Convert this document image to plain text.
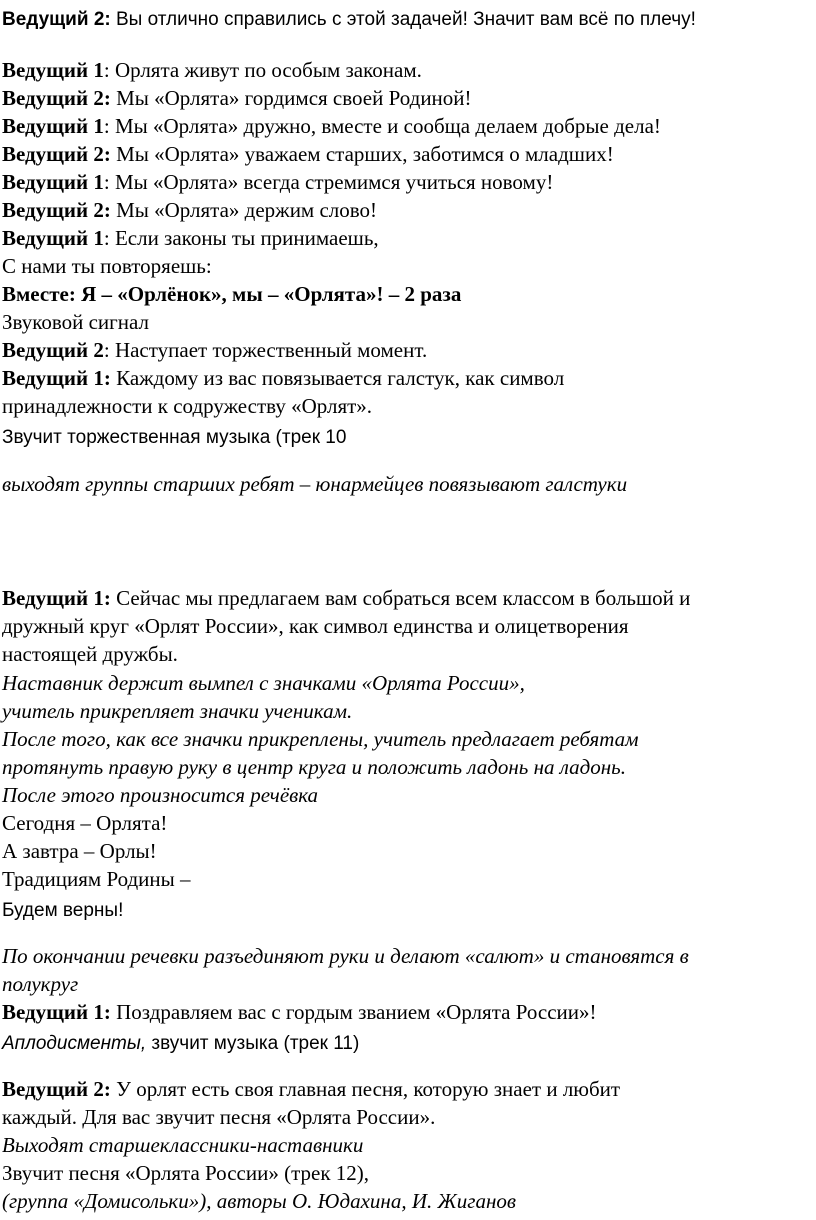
Ведущий 2: Вы отлично справились с этой задачей! Значит вам всё по плечу!
Ведущий 1: Орлята живут по особым законам.
Ведущий 2: Мы «Орлята» гордимся своей Родиной!
Ведущий 1: Мы «Орлята» дружно, вместе и сообща делаем добрые дела!
Ведущий 2: Мы «Орлята» уважаем старших, заботимся о младших!
Ведущий 1: Мы «Орлята» всегда стремимся учиться новому!
Ведущий 2: Мы «Орлята» держим слово!
Ведущий 1: Если законы ты принимаешь,
С нами ты повторяешь:
Вместе: Я – «Орлёнок», мы – «Орлята»! – 2 раза
Звуковой сигнал
Ведущий 2: Наступает торжественный момент.
Ведущий 1: Каждому из вас повязывается галстук, как символ
принадлежности к содружеству «Орлят».
Звучит торжественная музыка (трек 10
выходят группы старших ребят – юнармейцев повязывают галстуки
Ведущий 1: Сейчас мы предлагаем вам собраться всем классом в большой и
дружный круг «Орлят России», как символ единства и олицетворения
настоящей дружбы.
Наставник держит вымпел с значками «Орлята России»,
учитель прикрепляет значки ученикам.
После того, как все значки прикреплены, учитель предлагает ребятам
протянуть правую руку в центр круга и положить ладонь на ладонь.
После этого произносится речёвка
Сегодня – Орлята!
А завтра – Орлы!
Традициям Родины –
Будем верны!
По окончании речевки разъединяют руки и делают «салют» и становятся в
полукруг
Ведущий 1: Поздравляем вас с гордым званием «Орлята России»!
Аплодисменты, звучит музыка (трек 11)
Ведущий 2: У орлят есть своя главная песня, которую знает и любит
каждый. Для вас звучит песня «Орлята России».
Выходят старшеклассники-наставники
Звучит песня «Орлята России» (трек 12),
(группа «Домисольки»), авторы О. Юдахина, И. Жиганов
